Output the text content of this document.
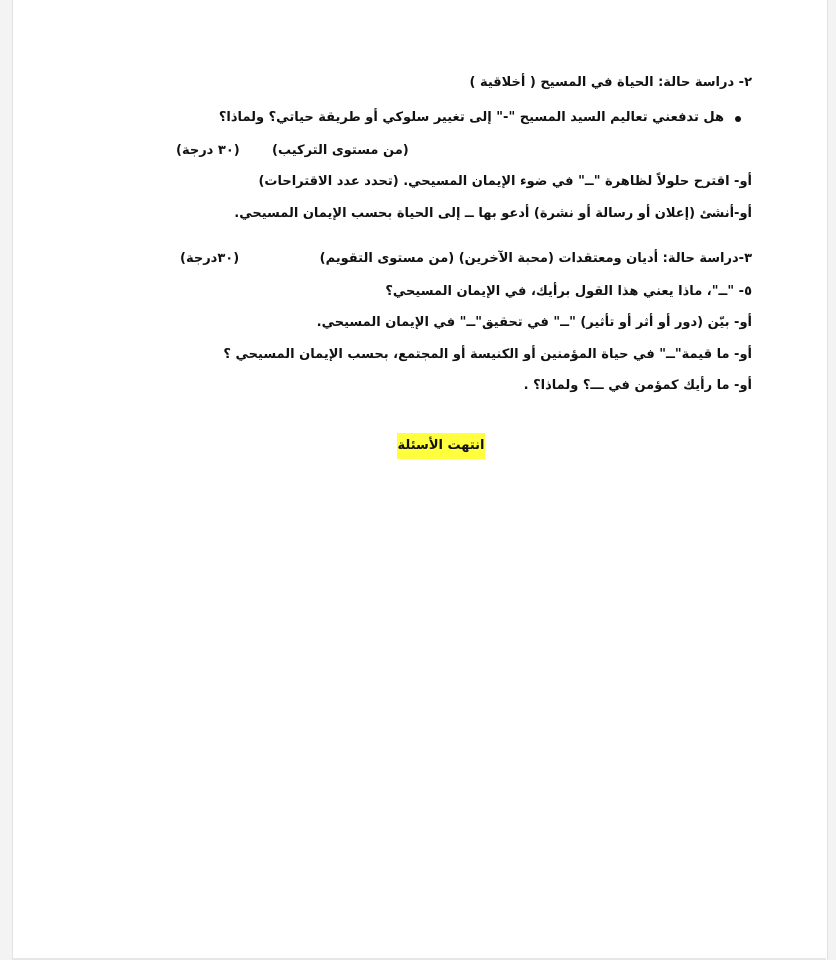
٢- دراسة حالة: الحياة في المسيح ( أخلاقية )
هل تدفعني تعاليم السيد المسيح "-" إلى تغيير سلوكي أو طريقة حياتي؟ ولماذا؟
(٣٠ درجة) (من مستوى التركيب)
أو- اقترح حلولاً لظاهرة "ــ" في ضوء الإيمان المسيحي. (تحدد عدد الاقتراحات)
أو-أنشئ (إعلان أو رسالة أو نشرة) أدعو بها ــ إلى الحياة بحسب الإيمان المسيحي.
٣-دراسة حالة: أديان ومعتقدات (محبة الآخرين) (من مستوى التقويم)
(٣٠درجة)
٥- "ــ"، ماذا يعني هذا القول برأيك، في الإيمان المسيحي؟
أو- بيّن (دور أو أثر أو تأثير) "ــ" في تحقيق"ــ" في الإيمان المسيحي.
أو- ما قيمة"ــ" في حياة المؤمنين أو الكنيسة أو المجتمع، بحسب الإيمان المسيحي ؟
أو- ما رأيك كمؤمن في ـــ؟ ولماذا؟ .
انتهت الأسئلة
